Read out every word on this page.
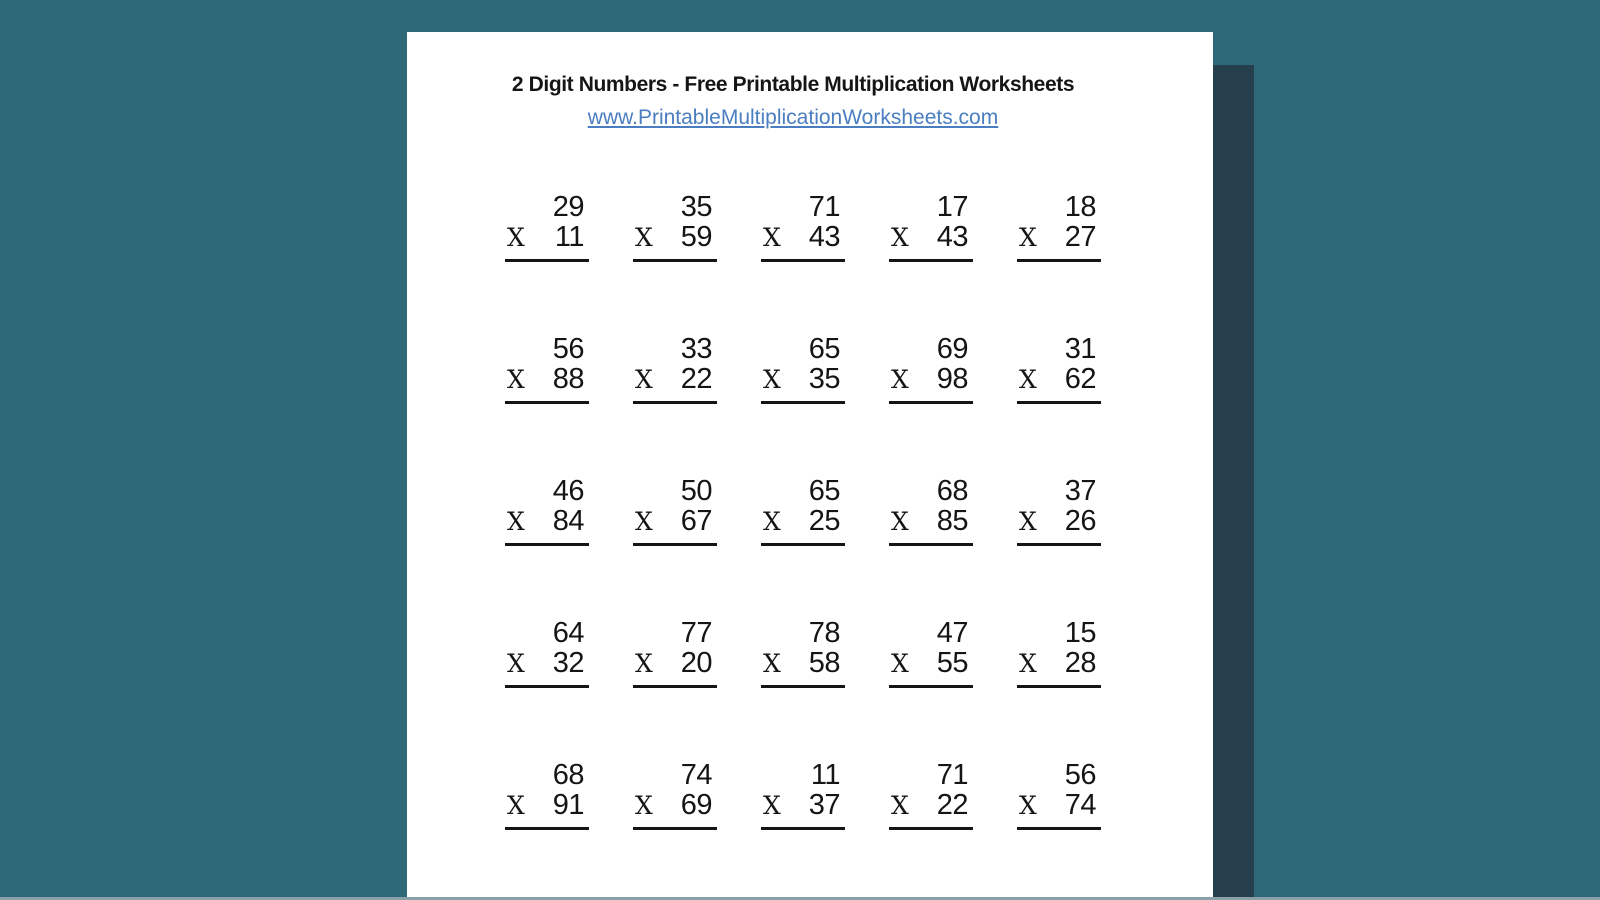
2 Digit Numbers - Free Printable Multiplication Worksheets
www.PrintableMultiplicationWorksheets.com
29
X 11
35
X 59
71
X 43
17
X 43
18
X 27
56
X 88
33
X 22
65
X 35
69
X 98
31
X 62
46
X 84
50
X 67
65
X 25
68
X 85
37
X 26
64
X 32
77
X 20
78
X 58
47
X 55
15
X 28
68
X 91
74
X 69
11
X 37
71
X 22
56
X 74
